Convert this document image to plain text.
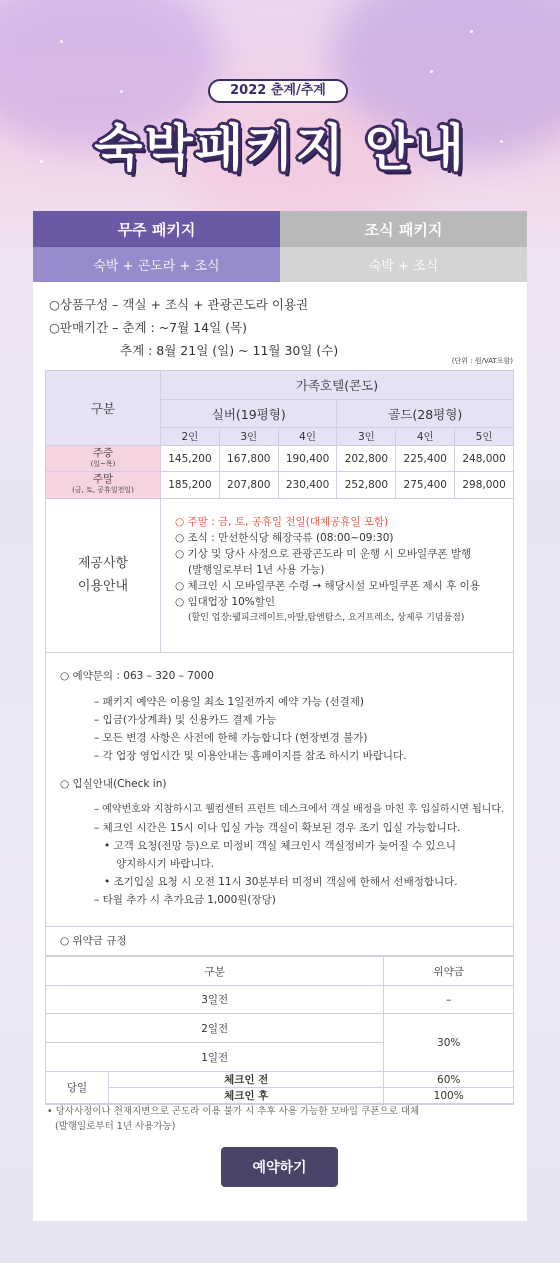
2022 춘계/추계
숙박패키지 안내
무주 패키지	조식 패키지
숙박 + 곤도라 + 조식	숙박 + 조식
○상품구성 – 객실 + 조식 + 관광곤도라 이용권
○판매기간 – 춘계 : ~7월 14일 (목)
추계 : 8월 21일 (일) ~ 11월 30일 (수)
(단위 : 원/VAT포함)
구분	가족호텔(콘도)					
	실버(19평형)			골드(28평형)		
	2인	3인	4인	3인	4인	5인
주중
(일~목)	145,200	167,800	190,400	202,800	225,400	248,000
주말
(금, 토, 공휴일전일)	185,200	207,800	230,400	252,800	275,400	298,000
제공사항
이용안내
○ 주말 : 금, 토, 공휴일 전일(대체공휴일 포함)
○ 조식 : 만선한식당 해장국류 (08:00~09:30)
○ 기상 및 당사 사정으로 관광곤도라 미 운행 시 모바일쿠폰 발행
(발행일로부터 1년 사용 가능)
○ 체크인 시 모바일쿠폰 수령 → 해당시설 모바일쿠폰 제시 후 이용
○ 임대업장 10%할인
(할인 업장:웰피크레이트,아딸,탐앤탐스, 요거프레소, 상제루 기념품점)
○ 예약문의 : 063 – 320 – 7000
– 패키지 예약은 이용일 최소 1일전까지 예약 가능 (선결제)
– 입금(가상계좌) 및 신용카드 결제 가능
– 모든 변경 사항은 사전에 한해 가능합니다 (현장변경 불가)
– 각 업장 영업시간 및 이용안내는 홈페이지를 참조 하시기 바랍니다.
○ 입실안내(Check in)
– 예약번호와 지참하시고 웰컴센터 프런트 데스크에서 객실 배정을 마친 후 입실하시면 됩니다.
– 체크인 시간은 15시 이나 입실 가능 객실이 확보된 경우 조기 입실 가능합니다.
• 고객 요청(전망 등)으로 미정비 객실 체크인시 객실정비가 늦어질 수 있으니
양지하시기 바랍니다.
• 조기입실 요청 시 오전 11시 30분부터 미정비 객실에 한해서 선배정합니다.
– 타월 추가 시 추가요금 1,000원(장당)
○ 위약금 규정
구분		위약금
3일전		–
2일전		30%
1일전		
당일	체크인 전	60%
	체크인 후	100%
• 당사사정이나 천재지변으로 곤도라 이용 불가 시 추후 사용 가능한 모바일 쿠폰으로 대체
(발행일로부터 1년 사용가능)
예약하기
